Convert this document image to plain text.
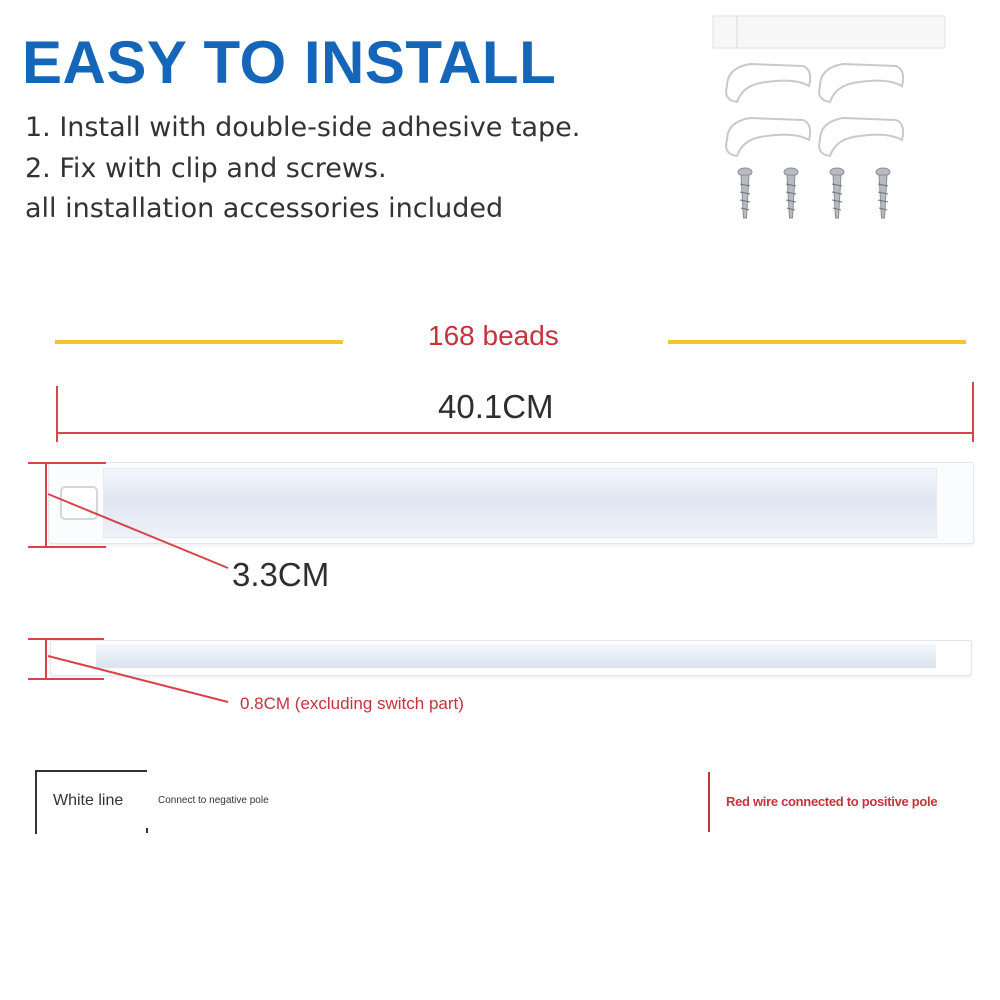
EASY TO INSTALL
1. Install with double-side adhesive tape.
2. Fix with clip and screws.
all installation accessories included
168 beads
40.1CM
3.3CM
0.8CM (excluding switch part)
White line	Connect to negative pole	Red wire connected to positive pole
